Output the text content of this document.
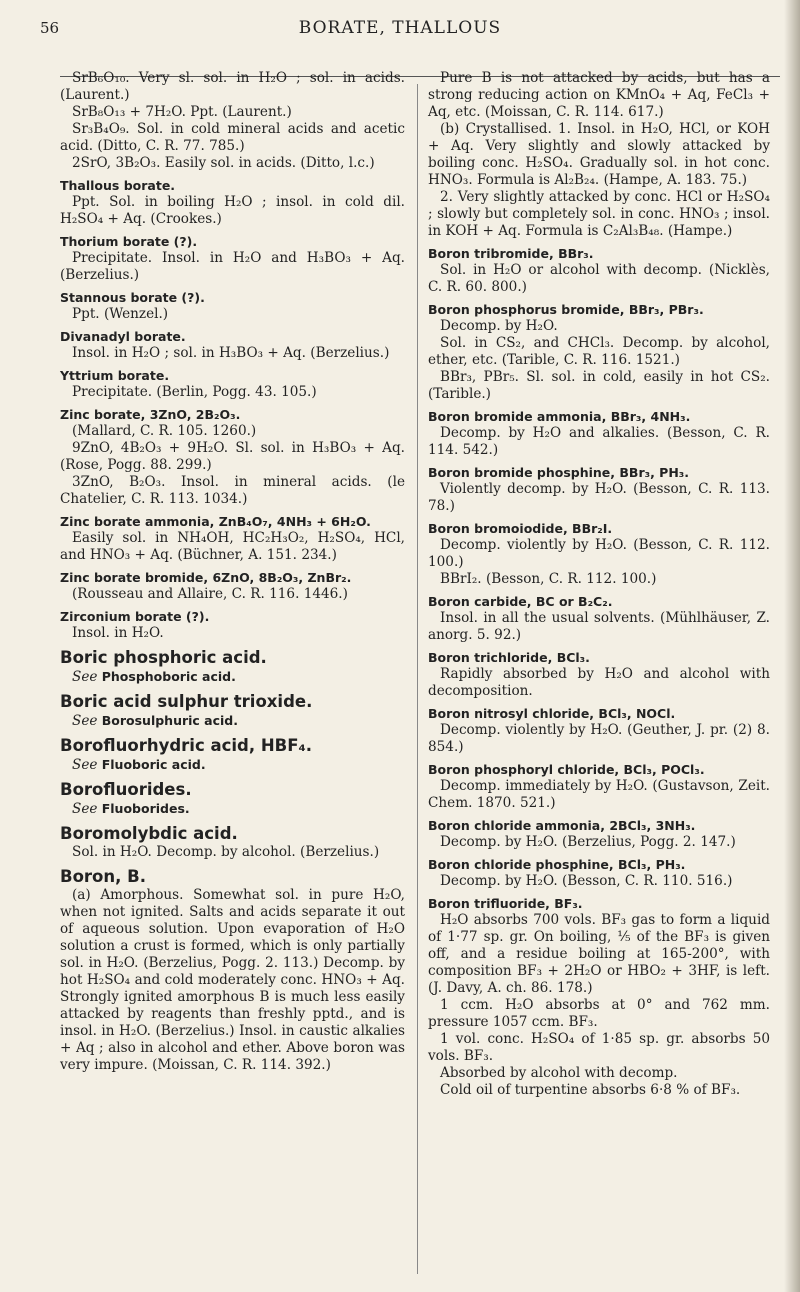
56	BORATE, THALLOUS

SrB₆O₁₀. Very sl. sol. in H₂O ; sol. in acids. (Laurent.)

SrB₈O₁₃ + 7H₂O. Ppt. (Laurent.)

Sr₃B₄O₉. Sol. in cold mineral acids and acetic acid. (Ditto, C. R. 77. 785.)

2SrO, 3B₂O₃. Easily sol. in acids. (Ditto, l.c.)

Thallous borate.

Ppt. Sol. in boiling H₂O ; insol. in cold dil. H₂SO₄ + Aq. (Crookes.)

Thorium borate (?).

Precipitate. Insol. in H₂O and H₃BO₃ + Aq. (Berzelius.)

Stannous borate (?).

Ppt. (Wenzel.)

Divanadyl borate.

Insol. in H₂O ; sol. in H₃BO₃ + Aq. (Berzelius.)

Yttrium borate.

Precipitate. (Berlin, Pogg. 43. 105.)

Zinc borate, 3ZnO, 2B₂O₃.

(Mallard, C. R. 105. 1260.)

9ZnO, 4B₂O₃ + 9H₂O. Sl. sol. in H₃BO₃ + Aq. (Rose, Pogg. 88. 299.)

3ZnO, B₂O₃. Insol. in mineral acids. (le Chatelier, C. R. 113. 1034.)

Zinc borate ammonia, ZnB₄O₇, 4NH₃ + 6H₂O.

Easily sol. in NH₄OH, HC₂H₃O₂, H₂SO₄, HCl, and HNO₃ + Aq. (Büchner, A. 151. 234.)

Zinc borate bromide, 6ZnO, 8B₂O₃, ZnBr₂.

(Rousseau and Allaire, C. R. 116. 1446.)

Zirconium borate (?).

Insol. in H₂O.

Boric phosphoric acid.

See Phosphoboric acid.

Boric acid sulphur trioxide.

See Borosulphuric acid.

Borofluorhydric acid, HBF₄.

See Fluoboric acid.

Borofluorides.

See Fluoborides.

Boromolybdic acid.

Sol. in H₂O. Decomp. by alcohol. (Berzelius.)

Boron, B.

(a) Amorphous. Somewhat sol. in pure H₂O, when not ignited. Salts and acids separate it out of aqueous solution. Upon evaporation of H₂O solution a crust is formed, which is only partially sol. in H₂O. (Berzelius, Pogg. 2. 113.) Decomp. by hot H₂SO₄ and cold moderately conc. HNO₃ + Aq. Strongly ignited amorphous B is much less easily attacked by reagents than freshly pptd., and is insol. in H₂O. (Berzelius.) Insol. in caustic alkalies + Aq ; also in alcohol and ether. Above boron was very impure. (Moissan, C. R. 114. 392.)

Pure B is not attacked by acids, but has a strong reducing action on KMnO₄ + Aq, FeCl₃ + Aq, etc. (Moissan, C. R. 114. 617.)

(b) Crystallised. 1. Insol. in H₂O, HCl, or KOH + Aq. Very slightly and slowly attacked by boiling conc. H₂SO₄. Gradually sol. in hot conc. HNO₃. Formula is Al₂B₂₄. (Hampe, A. 183. 75.)

2. Very slightly attacked by conc. HCl or H₂SO₄ ; slowly but completely sol. in conc. HNO₃ ; insol. in KOH + Aq. Formula is C₂Al₃B₄₈. (Hampe.)

Boron tribromide, BBr₃.

Sol. in H₂O or alcohol with decomp. (Nicklès, C. R. 60. 800.)

Boron phosphorus bromide, BBr₃, PBr₃.

Decomp. by H₂O.

Sol. in CS₂, and CHCl₃. Decomp. by alcohol, ether, etc. (Tarible, C. R. 116. 1521.)

BBr₃, PBr₅. Sl. sol. in cold, easily in hot CS₂. (Tarible.)

Boron bromide ammonia, BBr₃, 4NH₃.

Decomp. by H₂O and alkalies. (Besson, C. R. 114. 542.)

Boron bromide phosphine, BBr₃, PH₃.

Violently decomp. by H₂O. (Besson, C. R. 113. 78.)

Boron bromoiodide, BBr₂I.

Decomp. violently by H₂O. (Besson, C. R. 112. 100.)

BBrI₂. (Besson, C. R. 112. 100.)

Boron carbide, BC or B₂C₂.

Insol. in all the usual solvents. (Mühlhäuser, Z. anorg. 5. 92.)

Boron trichloride, BCl₃.

Rapidly absorbed by H₂O and alcohol with decomposition.

Boron nitrosyl chloride, BCl₃, NOCl.

Decomp. violently by H₂O. (Geuther, J. pr. (2) 8. 854.)

Boron phosphoryl chloride, BCl₃, POCl₃.

Decomp. immediately by H₂O. (Gustavson, Zeit. Chem. 1870. 521.)

Boron chloride ammonia, 2BCl₃, 3NH₃.

Decomp. by H₂O. (Berzelius, Pogg. 2. 147.)

Boron chloride phosphine, BCl₃, PH₃.

Decomp. by H₂O. (Besson, C. R. 110. 516.)

Boron trifluoride, BF₃.

H₂O absorbs 700 vols. BF₃ gas to form a liquid of 1·77 sp. gr. On boiling, ⅕ of the BF₃ is given off, and a residue boiling at 165-200°, with composition BF₃ + 2H₂O or HBO₂ + 3HF, is left. (J. Davy, A. ch. 86. 178.)

1 ccm. H₂O absorbs at 0° and 762 mm. pressure 1057 ccm. BF₃.

1 vol. conc. H₂SO₄ of 1·85 sp. gr. absorbs 50 vols. BF₃.

Absorbed by alcohol with decomp.

Cold oil of turpentine absorbs 6·8 % of BF₃.
